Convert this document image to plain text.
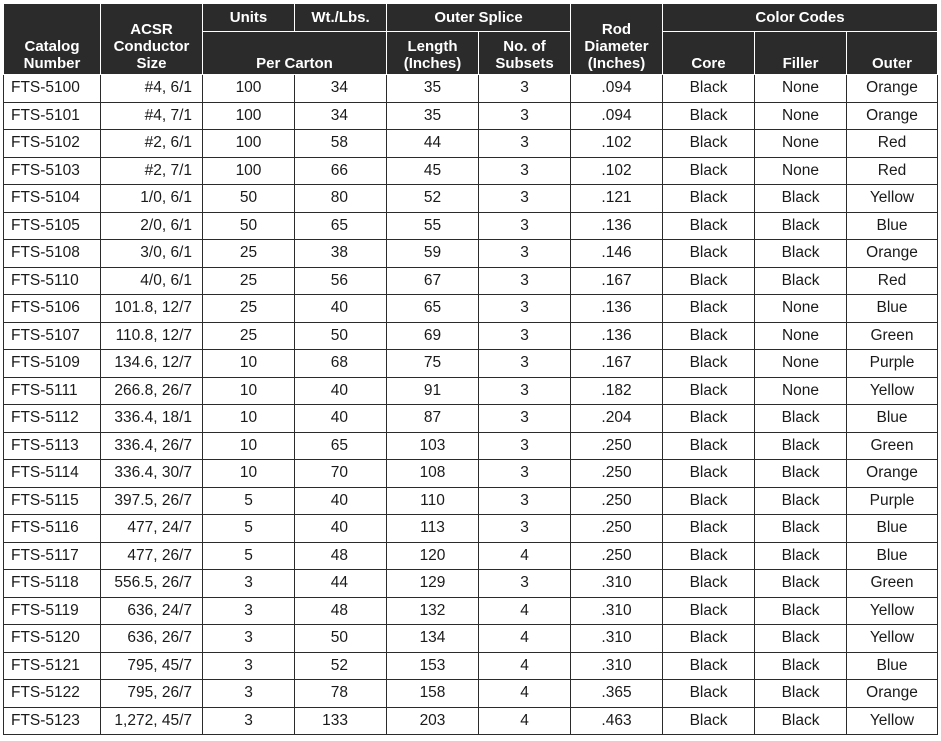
Catalog Number	ACSR Conductor Size	Units	Wt./Lbs.	Outer Splice		Rod Diameter (Inches)	Color Codes		
		Per Carton		Length (Inches)	No. of Subsets		Core	Filler	Outer
FTS-5100	#4, 6/1	100	34	35	3	.094	Black	None	Orange
FTS-5101	#4, 7/1	100	34	35	3	.094	Black	None	Orange
FTS-5102	#2, 6/1	100	58	44	3	.102	Black	None	Red
FTS-5103	#2, 7/1	100	66	45	3	.102	Black	None	Red
FTS-5104	1/0, 6/1	50	80	52	3	.121	Black	Black	Yellow
FTS-5105	2/0, 6/1	50	65	55	3	.136	Black	Black	Blue
FTS-5108	3/0, 6/1	25	38	59	3	.146	Black	Black	Orange
FTS-5110	4/0, 6/1	25	56	67	3	.167	Black	Black	Red
FTS-5106	101.8, 12/7	25	40	65	3	.136	Black	None	Blue
FTS-5107	110.8, 12/7	25	50	69	3	.136	Black	None	Green
FTS-5109	134.6, 12/7	10	68	75	3	.167	Black	None	Purple
FTS-5111	266.8, 26/7	10	40	91	3	.182	Black	None	Yellow
FTS-5112	336.4, 18/1	10	40	87	3	.204	Black	Black	Blue
FTS-5113	336.4, 26/7	10	65	103	3	.250	Black	Black	Green
FTS-5114	336.4, 30/7	10	70	108	3	.250	Black	Black	Orange
FTS-5115	397.5, 26/7	5	40	110	3	.250	Black	Black	Purple
FTS-5116	477, 24/7	5	40	113	3	.250	Black	Black	Blue
FTS-5117	477, 26/7	5	48	120	4	.250	Black	Black	Blue
FTS-5118	556.5, 26/7	3	44	129	3	.310	Black	Black	Green
FTS-5119	636, 24/7	3	48	132	4	.310	Black	Black	Yellow
FTS-5120	636, 26/7	3	50	134	4	.310	Black	Black	Yellow
FTS-5121	795, 45/7	3	52	153	4	.310	Black	Black	Blue
FTS-5122	795, 26/7	3	78	158	4	.365	Black	Black	Orange
FTS-5123	1,272, 45/7	3	133	203	4	.463	Black	Black	Yellow
